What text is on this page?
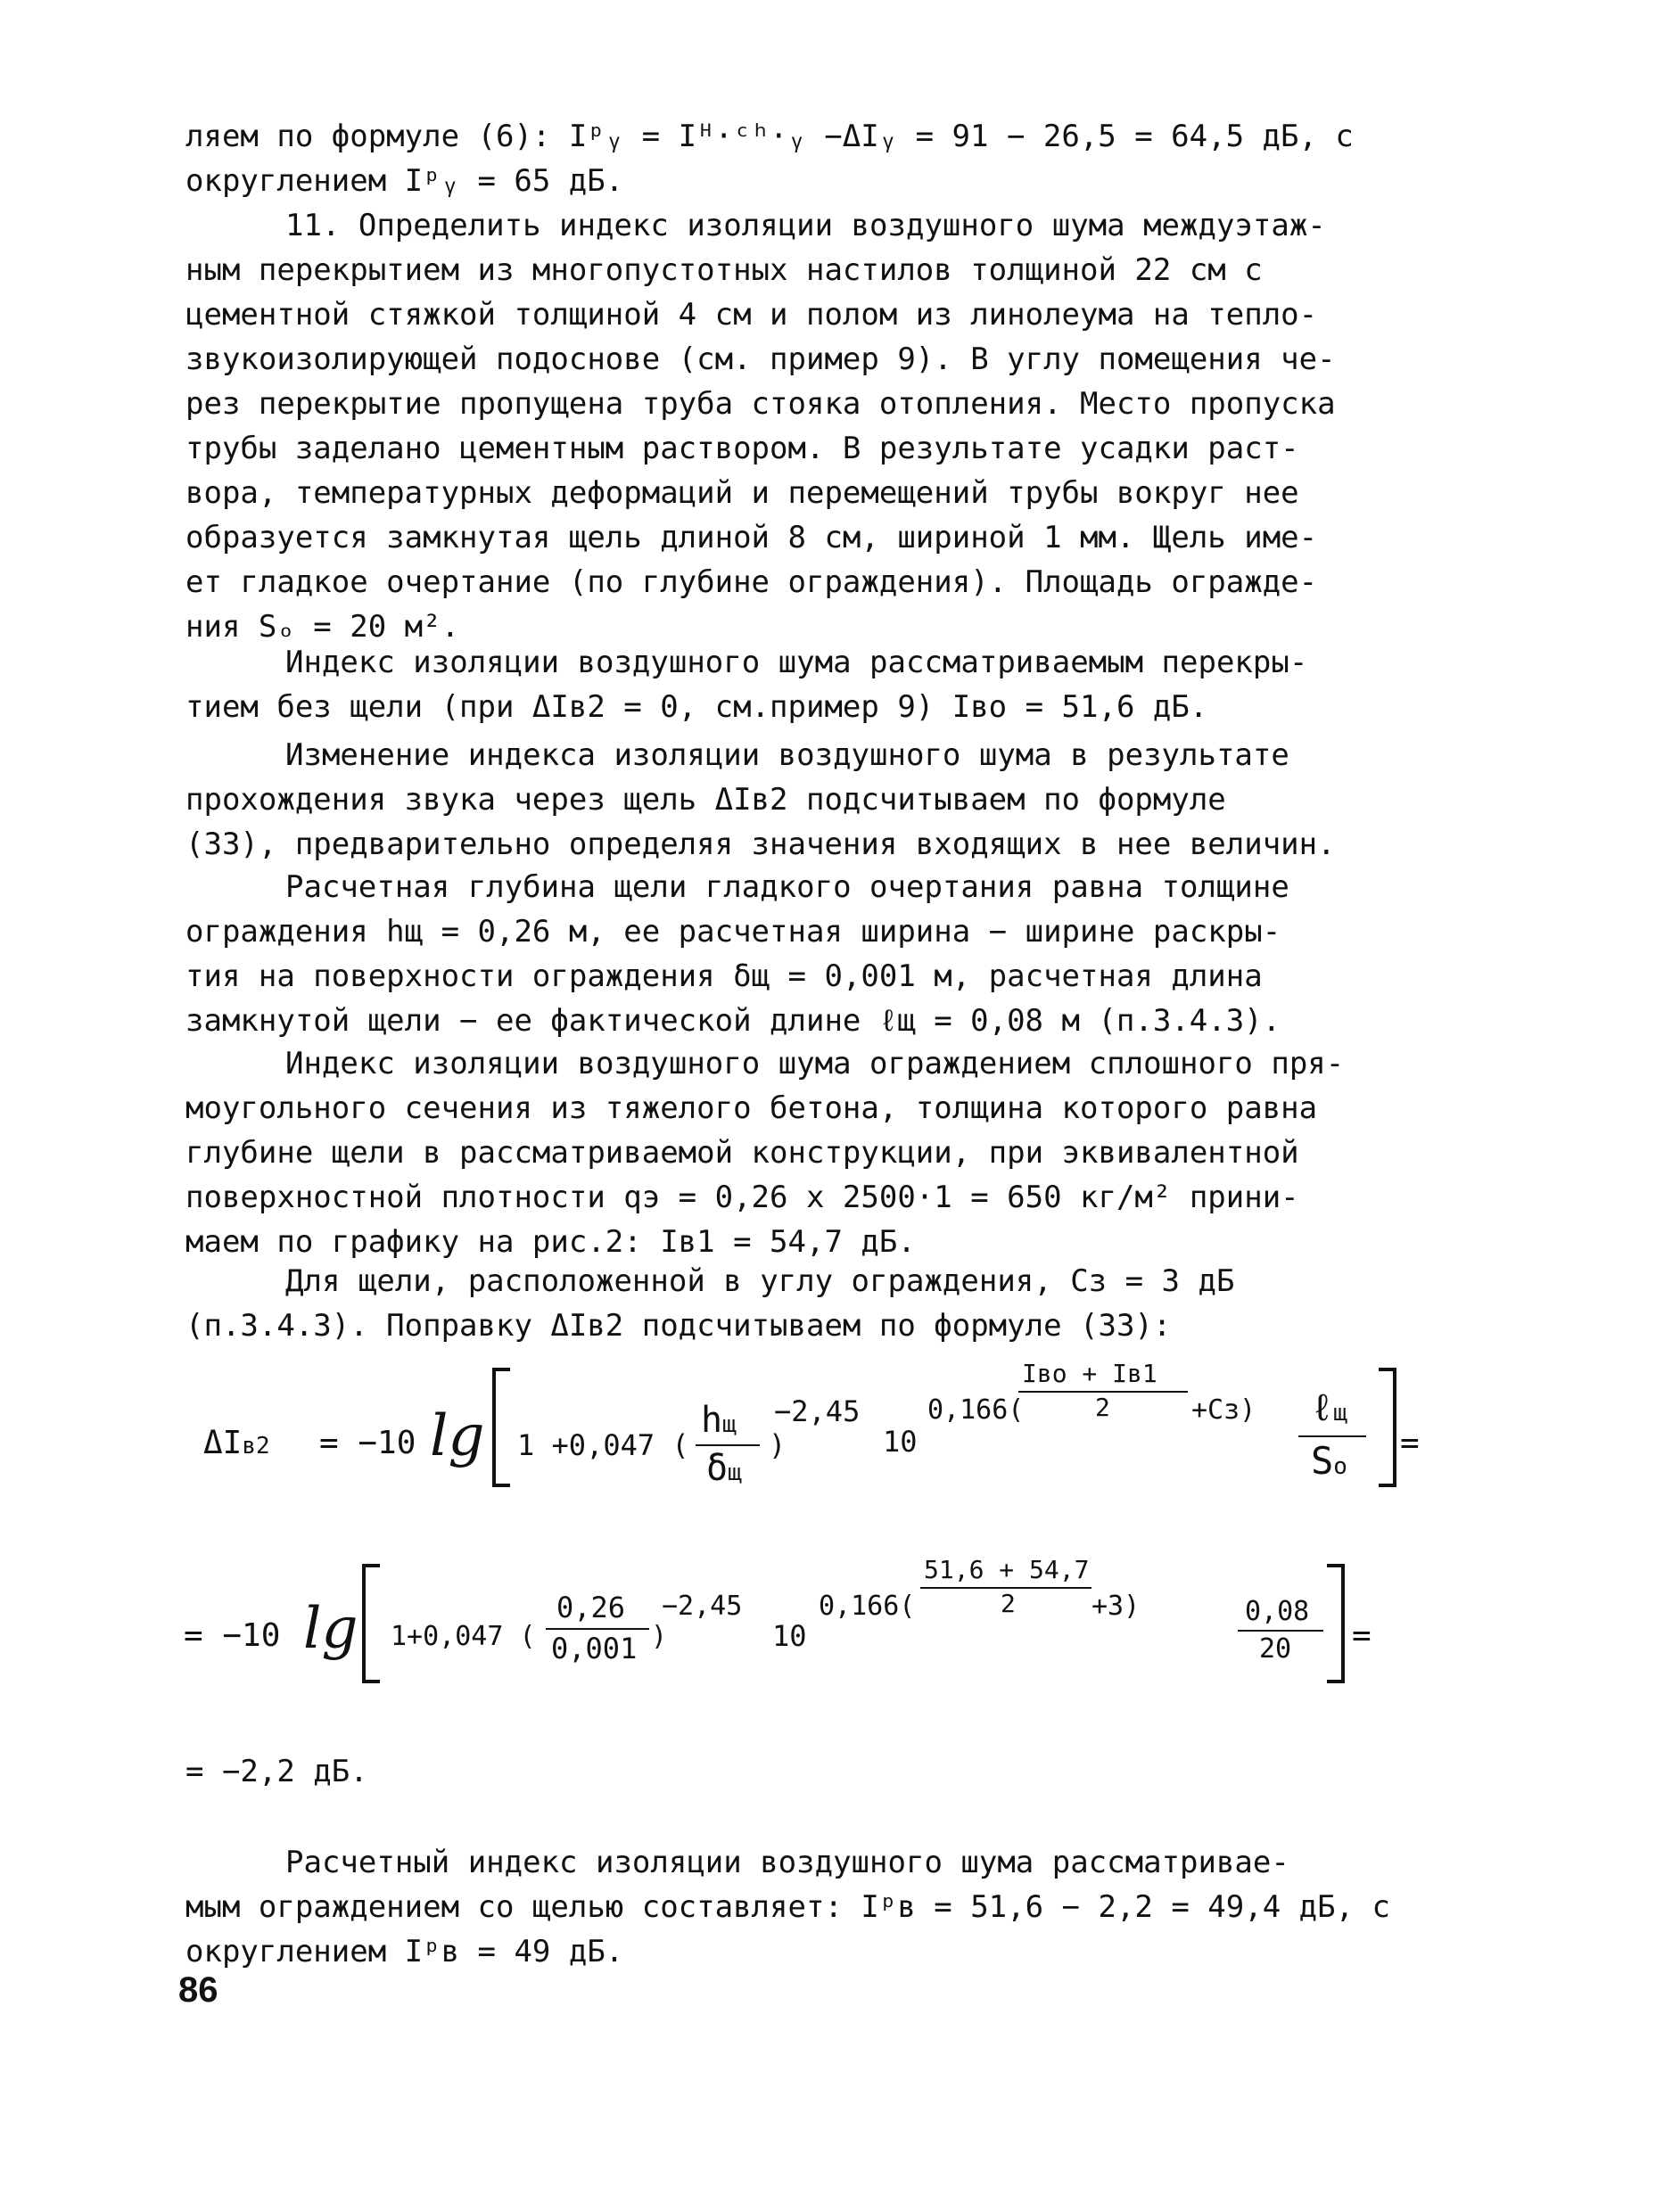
ляем по формуле (6): Iᵖᵧ = Iᴴ·ᶜʰ·ᵧ −ΔIᵧ = 91 − 26,5 = 64,5 дБ, с
округлением Iᵖᵧ = 65 дБ.
11. Определить индекс изоляции воздушного шума междуэтаж-
ным перекрытием из многопустотных настилов толщиной 22 см с
цементной стяжкой толщиной 4 см и полом из линолеума на тепло-
звукоизолирующей подоснове (см. пример 9). В углу помещения че-
рез перекрытие пропущена труба стояка отопления. Место пропуска
трубы заделано цементным раствором. В результате усадки раст-
вора, температурных деформаций и перемещений трубы вокруг нее
образуется замкнутая щель длиной 8 см, шириной 1 мм. Щель име-
ет гладкое очертание (по глубине ограждения). Площадь огражде-
ния Sₒ = 20 м².
Индекс изоляции воздушного шума рассматриваемым перекры-
тием без щели (при ΔIв2 = 0, см.пример 9) Iвo = 51,6 дБ.
Изменение индекса изоляции воздушного шума в результате
прохождения звука через щель ΔIв2 подсчитываем по формуле
(33), предварительно определяя значения входящих в нее величин.
Расчетная глубина щели гладкого очертания равна толщине
ограждения hщ = 0,26 м, ее расчетная ширина − ширине раскры-
тия на поверхности ограждения δщ = 0,001 м, расчетная длина
замкнутой щели − ее фактической длине ℓщ = 0,08 м (п.3.4.3).
Индекс изоляции воздушного шума ограждением сплошного пря-
моугольного сечения из тяжелого бетона, толщина которого равна
глубине щели в рассматриваемой конструкции, при эквивалентной
поверхностной плотности qэ = 0,26 x 2500·1 = 650 кг/м² прини-
маем по графику на рис.2: Iв1 = 54,7 дБ.
Для щели, расположенной в углу ограждения, Cз = 3 дБ
(п.3.4.3). Поправку ΔIв2 подсчитываем по формуле (33):
ΔIв2 = −10 lg 1 +0,047 (
hщ
δщ
)
−2,45
10
0,166(
Iвo + Iв1
2	+Cз) ℓщ
So
=
= −10 lg 1+0,047 (
0,26
0,001 )
−2,45
10
0,166(
51,6 + 54,7
2	+3)	0,08
20 =
= −2,2 дБ.
Расчетный индекс изоляции воздушного шума рассматривае-
мым ограждением со щелью составляет: Iᵖв = 51,6 − 2,2 = 49,4 дБ, с
округлением Iᵖв = 49 дБ.
86
